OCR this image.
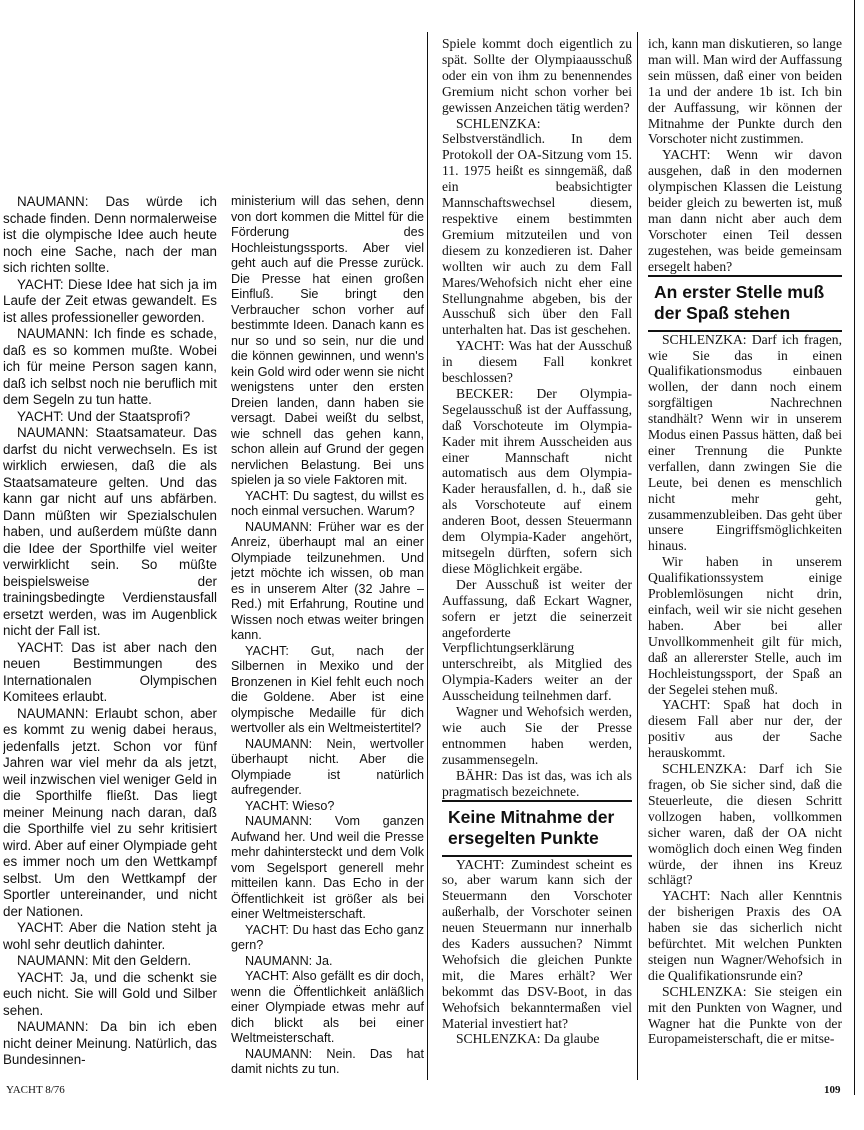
NAUMANN: Das würde ich schade finden. Denn normalerweise ist die olympische Idee auch heute noch eine Sache, nach der man sich richten sollte.

YACHT: Diese Idee hat sich ja im Laufe der Zeit etwas gewandelt. Es ist alles professioneller geworden.

NAUMANN: Ich finde es schade, daß es so kommen mußte. Wobei ich für meine Person sagen kann, daß ich selbst noch nie beruflich mit dem Segeln zu tun hatte.

YACHT: Und der Staatsprofi?

NAUMANN: Staatsamateur. Das darfst du nicht verwechseln. Es ist wirklich erwiesen, daß die als Staatsamateure gelten. Und das kann gar nicht auf uns abfärben. Dann müßten wir Spezialschulen haben, und außerdem müßte dann die Idee der Sporthilfe viel weiter verwirklicht sein. So müßte beispielsweise der trainingsbedingte Verdienstausfall ersetzt werden, was im Augenblick nicht der Fall ist.

YACHT: Das ist aber nach den neuen Bestimmungen des Internationalen Olympischen Komitees erlaubt.

NAUMANN: Erlaubt schon, aber es kommt zu wenig dabei heraus, jedenfalls jetzt. Schon vor fünf Jahren war viel mehr da als jetzt, weil inzwischen viel weniger Geld in die Sporthilfe fließt. Das liegt meiner Meinung nach daran, daß die Sporthilfe viel zu sehr kritisiert wird. Aber auf einer Olympiade geht es immer noch um den Wettkampf selbst. Um den Wettkampf der Sportler untereinander, und nicht der Nationen.

YACHT: Aber die Nation steht ja wohl sehr deutlich dahinter.

NAUMANN: Mit den Geldern.

YACHT: Ja, und die schenkt sie euch nicht. Sie will Gold und Silber sehen.

NAUMANN: Da bin ich eben nicht deiner Meinung. Natürlich, das Bundesinnen-

ministerium will das sehen, denn von dort kommen die Mittel für die Förderung des Hochleistungssports. Aber viel geht auch auf die Presse zurück. Die Presse hat einen großen Einfluß. Sie bringt den Verbraucher schon vorher auf bestimmte Ideen. Danach kann es nur so und so sein, nur die und die können gewinnen, und wenn's kein Gold wird oder wenn sie nicht wenigstens unter den ersten Dreien landen, dann haben sie versagt. Dabei weißt du selbst, wie schnell das gehen kann, schon allein auf Grund der gegen nervlichen Belastung. Bei uns spielen ja so viele Faktoren mit.

YACHT: Du sagtest, du willst es noch einmal versuchen. Warum?

NAUMANN: Früher war es der Anreiz, überhaupt mal an einer Olympiade teilzunehmen. Und jetzt möchte ich wissen, ob man es in unserem Alter (32 Jahre – Red.) mit Erfahrung, Routine und Wissen noch etwas weiter bringen kann.

YACHT: Gut, nach der Silbernen in Mexiko und der Bronzenen in Kiel fehlt euch noch die Goldene. Aber ist eine olympische Medaille für dich wertvoller als ein Weltmeistertitel?

NAUMANN: Nein, wertvoller überhaupt nicht. Aber die Olympiade ist natürlich aufregender.

YACHT: Wieso?

NAUMANN: Vom ganzen Aufwand her. Und weil die Presse mehr dahintersteckt und dem Volk vom Segelsport generell mehr mitteilen kann. Das Echo in der Öffentlichkeit ist größer als bei einer Weltmeisterschaft.

YACHT: Du hast das Echo ganz gern?

NAUMANN: Ja.

YACHT: Also gefällt es dir doch, wenn die Öffentlichkeit anläßlich einer Olympiade etwas mehr auf dich blickt als bei einer Weltmeisterschaft.

NAUMANN: Nein. Das hat damit nichts zu tun.

Spiele kommt doch eigentlich zu spät. Sollte der Olympiaausschuß oder ein von ihm zu benennendes Gremium nicht schon vorher bei gewissen Anzeichen tätig werden?

SCHLENZKA: Selbstverständlich. In dem Protokoll der OA-Sitzung vom 15. 11. 1975 heißt es sinngemäß, daß ein beabsichtigter Mannschaftswechsel diesem, respektive einem bestimmten Gremium mitzuteilen und von diesem zu konzedieren ist. Daher wollten wir auch zu dem Fall Mares/Wehofsich nicht eher eine Stellungnahme abgeben, bis der Ausschuß sich über den Fall unterhalten hat. Das ist geschehen.

YACHT: Was hat der Ausschuß in diesem Fall konkret beschlossen?

BECKER: Der Olympia-Segelausschuß ist der Auffassung, daß Vorschoteute im Olympia-Kader mit ihrem Ausscheiden aus einer Mannschaft nicht automatisch aus dem Olympia-Kader herausfallen, d. h., daß sie als Vorschoteute auf einem anderen Boot, dessen Steuermann dem Olympia-Kader angehört, mitsegeln dürften, sofern sich diese Möglichkeit ergäbe.

Der Ausschuß ist weiter der Auffassung, daß Eckart Wagner, sofern er jetzt die seinerzeit angeforderte Verpflichtungserklärung unterschreibt, als Mitglied des Olympia-Kaders weiter an der Ausscheidung teilnehmen darf.

Wagner und Wehofsich werden, wie auch Sie der Presse entnommen haben werden, zusammensegeln.

BÄHR: Das ist das, was ich als pragmatisch bezeichnete.

Keine Mitnahme der ersegelten Punkte

YACHT: Zumindest scheint es so, aber warum kann sich der Steuermann den Vorschoter außerhalb, der Vorschoter seinen neuen Steuermann nur innerhalb des Kaders aussuchen? Nimmt Wehofsich die gleichen Punkte mit, die Mares erhält? Wer bekommt das DSV-Boot, in das Wehofsich bekanntermaßen viel Material investiert hat?

SCHLENZKA: Da glaube

ich, kann man diskutieren, so lange man will. Man wird der Auffassung sein müssen, daß einer von beiden 1a und der andere 1b ist. Ich bin der Auffassung, wir können der Mitnahme der Punkte durch den Vorschoter nicht zustimmen.

YACHT: Wenn wir davon ausgehen, daß in den modernen olympischen Klassen die Leistung beider gleich zu bewerten ist, muß man dann nicht aber auch dem Vorschoter einen Teil dessen zugestehen, was beide gemeinsam ersegelt haben?

An erster Stelle muß der Spaß stehen

SCHLENZKA: Darf ich fragen, wie Sie das in einen Qualifikationsmodus einbauen wollen, der dann noch einem sorgfältigen Nachrechnen standhält? Wenn wir in unserem Modus einen Passus hätten, daß bei einer Trennung die Punkte verfallen, dann zwingen Sie die Leute, bei denen es menschlich nicht mehr geht, zusammenzubleiben. Das geht über unsere Eingriffsmöglichkeiten hinaus.

Wir haben in unserem Qualifikationssystem einige Problemlösungen nicht drin, einfach, weil wir sie nicht gesehen haben. Aber bei aller Unvollkommenheit gilt für mich, daß an allererster Stelle, auch im Hochleistungssport, der Spaß an der Segelei stehen muß.

YACHT: Spaß hat doch in diesem Fall aber nur der, der positiv aus der Sache herauskommt.

SCHLENZKA: Darf ich Sie fragen, ob Sie sicher sind, daß die Steuerleute, die diesen Schritt vollzogen haben, vollkommen sicher waren, daß der OA nicht womöglich doch einen Weg finden würde, der ihnen ins Kreuz schlägt?

YACHT: Nach aller Kenntnis der bisherigen Praxis des OA haben sie das sicherlich nicht befürchtet. Mit welchen Punkten steigen nun Wagner/Wehofsich in die Qualifikationsrunde ein?

SCHLENZKA: Sie steigen ein mit den Punkten von Wagner, und Wagner hat die Punkte von der Europameisterschaft, die er mitse-

YACHT 8/76	109
